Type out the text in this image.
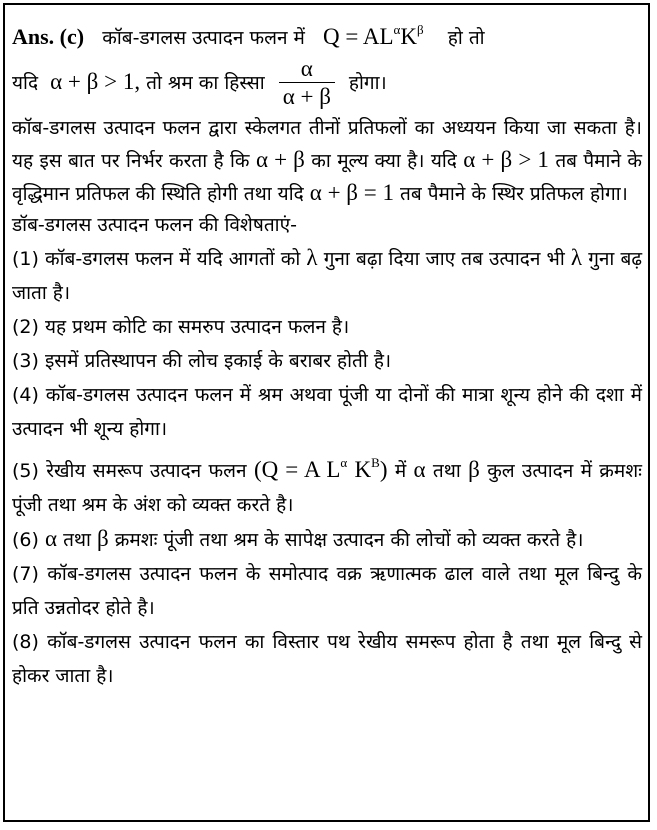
Ans. (c) कॉब-डगलस उत्पादन फलन में $Q = AL^\alpha K^\beta$ हो तो
यदि
α + β > 1,
तो श्रम का हिस्सा $\frac{\alpha}{\alpha + \beta}$ होगा।
कॉब-डगलस उत्पादन फलन द्वारा स्केलगत तीनों प्रतिफलों का अध्ययन किया जा सकता है। यह इस बात पर निर्भर करता है कि α + β का मूल्य क्या है। यदि α + β > 1 तब पैमाने के वृद्धिमान प्रतिफल की स्थिति होगी तथा यदि α + β = 1 तब पैमाने के स्थिर प्रतिफल होगा।
डॉब-डगलस उत्पादन फलन की विशेषताएं-
(1) कॉब-डगलस फलन में यदि आगतों को λ गुना बढ़ा दिया जाए तब उत्पादन भी λ गुना बढ़ जाता है।
(2) यह प्रथम कोटि का समरुप उत्पादन फलन है।
(3) इसमें प्रतिस्थापन की लोच इकाई के बराबर होती है।
(4) कॉब-डगलस उत्पादन फलन में श्रम अथवा पूंजी या दोनों की मात्रा शून्य होने की दशा में उत्पादन भी शून्य होगा।
(5) रेखीय समरूप उत्पादन फलन (Q = A $L^\alpha$ $K^B$) में α तथा β कुल उत्पादन में क्रमशः पूंजी तथा श्रम के अंश को व्यक्त करते है।
(6) α तथा β क्रमशः पूंजी तथा श्रम के सापेक्ष उत्पादन की लोचों को व्यक्त करते है।
(7) कॉब-डगलस उत्पादन फलन के समोत्पाद वक्र ऋणात्मक ढाल वाले तथा मूल बिन्दु के प्रति उन्नतोदर होते है।
(8) कॉब-डगलस उत्पादन फलन का विस्तार पथ रेखीय समरूप होता है तथा मूल बिन्दु से होकर जाता है।
